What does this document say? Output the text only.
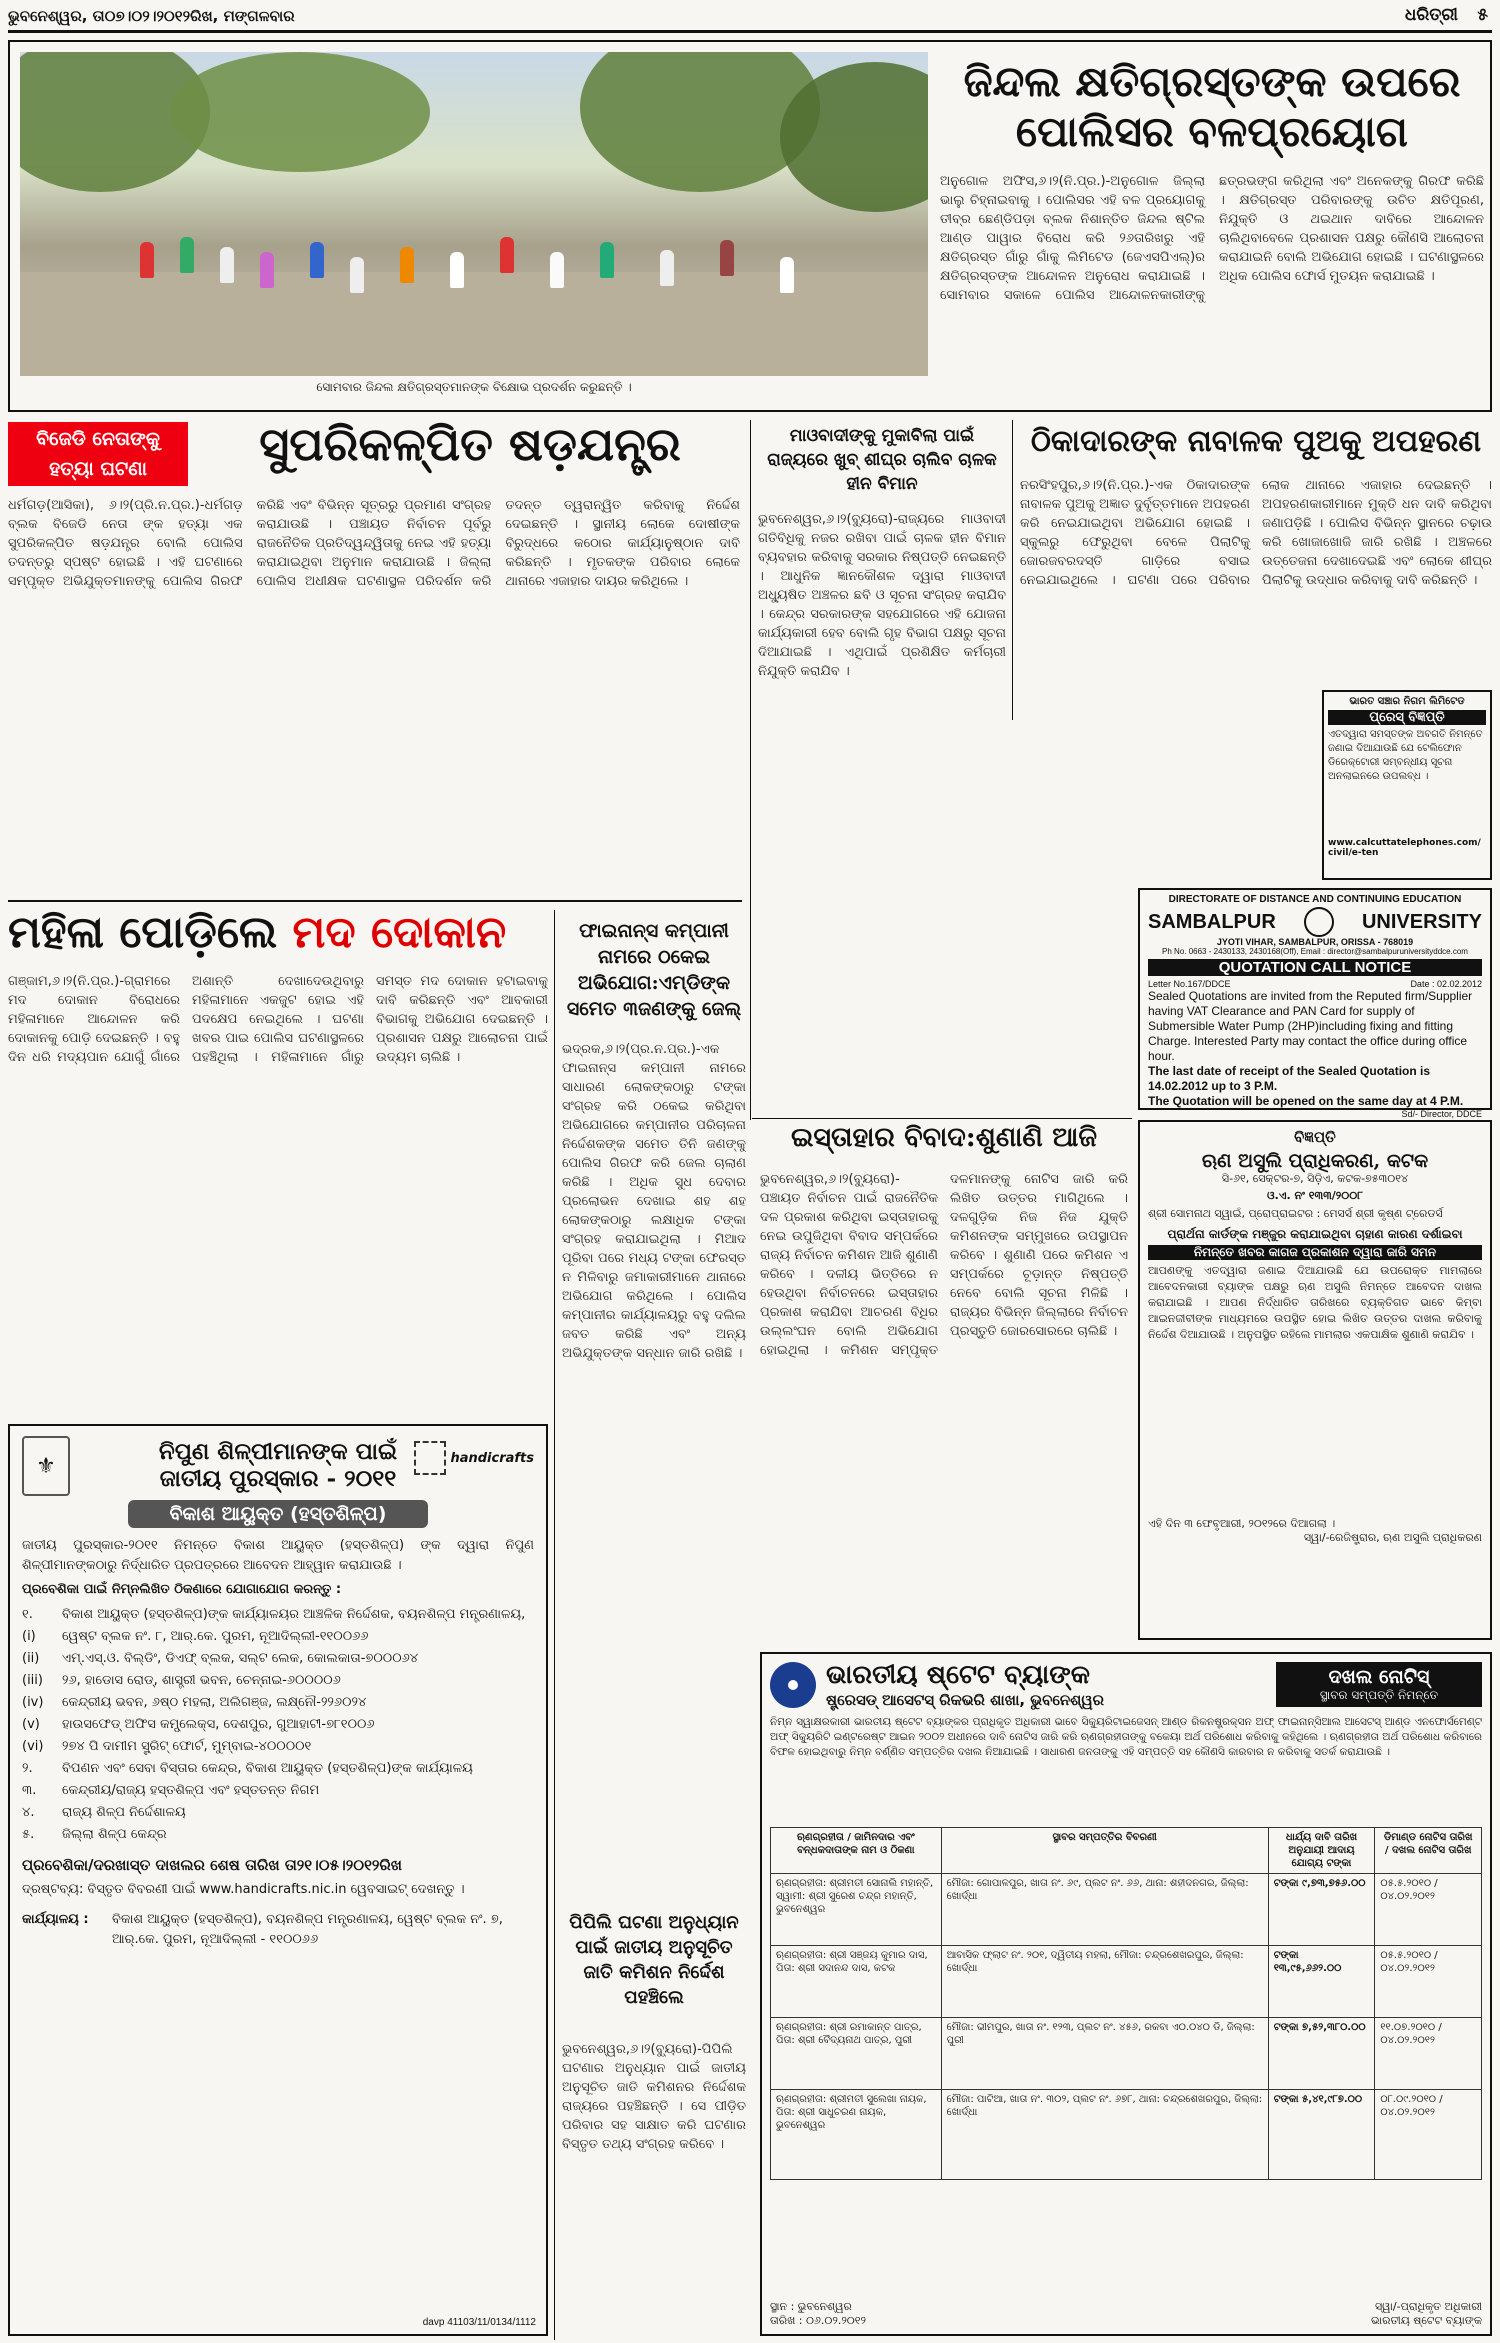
ଭୁବନେଶ୍ୱର, ତା୦୭।୦୨।୨୦୧୨ରିଖ, ମଙ୍ଗଳବାର	ଧରିତ୍ରୀ ୫
ସୋମବାର ଜିନ୍ଦଲ କ୍ଷତିଗ୍ରସ୍ତମାନଙ୍କ ବିକ୍ଷୋଭ ପ୍ରଦର୍ଶନ କରୁଛନ୍ତି ।
ଜିନ୍ଦଲ କ୍ଷତିଗ୍ରସ୍ତଙ୍କ ଉପରେ
ପୋଲିସର ବଳପ୍ରୟୋଗ
ଅନୁଗୋଳ ଅଫିସ,୬।୨(ନି.ପ୍ର.)-ଅନୁଗୋଳ ଜିଲ୍ଲା ଭାଲୁ ଚିହ୍ନାଇବାକୁ । ପୋଲିସର ଏହି ବଳ ପ୍ରୟୋଗକୁ ତୀବ୍ର ଛେଣ୍ଡିପଡ଼ା ବ୍ଲକ ନିଶାନ୍ତିତ ଜିନ୍ଦଲ ଷ୍ଟିଲ ଆଣ୍ଡ ପାୱାର ବିରୋଧ କରି ୨୬ତାରିଖରୁ ଏହି କ୍ଷତିଗ୍ରସ୍ତ ଗାଁରୁ ଗାଁକୁ ଲିମିଟେଡ (ଜେଏସପିଏଲ୍)ର କ୍ଷତିଗ୍ରସ୍ତଙ୍କ ଆନ୍ଦୋଳନ ଅନୁରୋଧ କରାଯାଇଛି । ସୋମବାର ସକାଳେ ପୋଲିସ ଆନ୍ଦୋଳନକାରୀଙ୍କୁ ଛତ୍ରଭଙ୍ଗ କରିଥିଲା ଏବଂ ଅନେକଙ୍କୁ ଗିରଫ କରିଛି । କ୍ଷତିଗ୍ରସ୍ତ ପରିବାରଙ୍କୁ ଉଚିତ କ୍ଷତିପୂରଣ, ନିଯୁକ୍ତି ଓ ଥଇଥାନ ଦାବିରେ ଆନ୍ଦୋଳନ ଚାଲିଥିବାବେଳେ ପ୍ରଶାସନ ପକ୍ଷରୁ କୌଣସି ଆଲୋଚନା କରାଯାଇନି ବୋଲି ଅଭିଯୋଗ ହୋଇଛି । ଘଟଣାସ୍ଥଳରେ ଅଧିକ ପୋଲିସ ଫୋର୍ସ ମୁତୟନ କରାଯାଇଛି ।
ବିଜେଡି ନେତାଙ୍କୁ
ହତ୍ୟା ଘଟଣା	ସୁପରିକଳ୍ପିତ ଷଡ଼ଯନ୍ତ୍ର
ଧର୍ମଗଡ଼(ଆସିକା), ୬।୨(ପ୍ରି.ନ.ପ୍ର.)-ଧର୍ମଗଡ଼ ବ୍ଲକ ବିଜେଡି ନେତା ଙ୍କ ହତ୍ୟା ଏକ ସୁପରିକଳ୍ପିତ ଷଡ଼ଯନ୍ତ୍ର ବୋଲି ପୋଲିସ ତଦନ୍ତରୁ ସ୍ପଷ୍ଟ ହୋଇଛି । ଏହି ଘଟଣାରେ ସମ୍ପୃକ୍ତ ଅଭିଯୁକ୍ତମାନଙ୍କୁ ପୋଲିସ ଗିରଫ କରିଛି ଏବଂ ବିଭିନ୍ନ ସୂତ୍ରରୁ ପ୍ରମାଣ ସଂଗ୍ରହ କରାଯାଉଛି । ପଞ୍ଚାୟତ ନିର୍ବାଚନ ପୂର୍ବରୁ ରାଜନୈତିକ ପ୍ରତିଦ୍ୱନ୍ଦ୍ୱିତାକୁ ନେଇ ଏହି ହତ୍ୟା କରାଯାଇଥିବା ଅନୁମାନ କରାଯାଉଛି । ଜିଲ୍ଲା ପୋଲିସ ଅଧୀକ୍ଷକ ଘଟଣାସ୍ଥଳ ପରିଦର୍ଶନ କରି ତଦନ୍ତ ତ୍ୱରାନ୍ୱିତ କରିବାକୁ ନିର୍ଦ୍ଦେଶ ଦେଇଛନ୍ତି । ସ୍ଥାନୀୟ ଲୋକେ ଦୋଷୀଙ୍କ ବିରୁଦ୍ଧରେ କଠୋର କାର୍ଯ୍ୟାନୁଷ୍ଠାନ ଦାବି କରିଛନ୍ତି । ମୃତକଙ୍କ ପରିବାର ଲୋକେ ଥାନାରେ ଏଜାହାର ଦାୟର କରିଥିଲେ ।
ମାଓବାଦୀଙ୍କୁ ମୁକାବିଲା ପାଇଁ ରାଜ୍ୟରେ ଖୁବ୍ ଶୀଘ୍ର ଚାଲିବ ଚାଳକ ହୀନ ବିମାନ
ଭୁବନେଶ୍ୱର,୬।୨(ବ୍ୟୁରୋ)-ରାଜ୍ୟରେ ମାଓବାଦୀ ଗତିବିଧିକୁ ନଜର ରଖିବା ପାଇଁ ଚାଳକ ହୀନ ବିମାନ ବ୍ୟବହାର କରିବାକୁ ସରକାର ନିଷ୍ପତ୍ତି ନେଇଛନ୍ତି । ଆଧୁନିକ ଜ୍ଞାନକୌଶଳ ଦ୍ୱାରା ମାଓବାଦୀ ଅଧ୍ୟୁଷିତ ଅଞ୍ଚଳର ଛବି ଓ ସୂଚନା ସଂଗ୍ରହ କରାଯିବ । କେନ୍ଦ୍ର ସରକାରଙ୍କ ସହଯୋଗରେ ଏହି ଯୋଜନା କାର୍ଯ୍ୟକାରୀ ହେବ ବୋଲି ଗୃହ ବିଭାଗ ପକ୍ଷରୁ ସୂଚନା ଦିଆଯାଇଛି । ଏଥିପାଇଁ ପ୍ରଶିକ୍ଷିତ କର୍ମଚାରୀ ନିଯୁକ୍ତି କରାଯିବ ।
ଠିକାଦାରଙ୍କ ନାବାଳକ ପୁଅକୁ ଅପହରଣ
ନରସିଂହପୁର,୬।୨(ନି.ପ୍ର.)-ଏକ ଠିକାଦାରଙ୍କ ନାବାଳକ ପୁଅକୁ ଅଜ୍ଞାତ ଦୁର୍ବୃତ୍ତମାନେ ଅପହରଣ କରି ନେଇଯାଇଥିବା ଅଭିଯୋଗ ହୋଇଛି । ସ୍କୁଲରୁ ଫେରୁଥିବା ବେଳେ ପିଲାଟିକୁ ଜୋରଜବରଦସ୍ତି ଗାଡ଼ିରେ ବସାଇ ନେଇଯାଇଥିଲେ । ଘଟଣା ପରେ ପରିବାର ଲୋକ ଥାନାରେ ଏଜାହାର ଦେଇଛନ୍ତି । ଅପହରଣକାରୀମାନେ ମୁକ୍ତି ଧନ ଦାବି କରିଥିବା ଜଣାପଡ଼ିଛି । ପୋଲିସ ବିଭିନ୍ନ ସ୍ଥାନରେ ଚଢ଼ାଉ କରି ଖୋଜାଖୋଜି ଜାରି ରଖିଛି । ଅଞ୍ଚଳରେ ଉତ୍ତେଜନା ଦେଖାଦେଇଛି ଏବଂ ଲୋକେ ଶୀଘ୍ର ପିଲାଟିକୁ ଉଦ୍ଧାର କରିବାକୁ ଦାବି କରିଛନ୍ତି ।
ଭାରତ ସଞ୍ଚାର ନିଗମ ଲିମିଟେଡ
ପ୍ରେସ୍ ବିଜ୍ଞପ୍ତି
ଏତଦ୍ୱାରା ସମସ୍ତଙ୍କ ଅବଗତି ନିମନ୍ତେ ଜଣାଇ ଦିଆଯାଉଛି ଯେ ଟେଲିଫୋନ ଡିରେକ୍ଟୋରୀ ସମ୍ବନ୍ଧୀୟ ସୂଚନା ଅନଲାଇନରେ ଉପଲବ୍ଧ ।
www.calcuttatelephones.com/civil/e-ten
DIRECTORATE OF DISTANCE AND CONTINUING EDUCATION
SAMBALPUR	UNIVERSITY
JYOTI VIHAR, SAMBALPUR, ORISSA - 768019
Ph No. 0663 - 2430133, 2430168(Off), Email : director@sambalpuruniversityddce.com
QUOTATION CALL NOTICE
Letter No.167/DDCE	Date : 02.02.2012
Sealed Quotations are invited from the Reputed firm/Supplier having VAT Clearance and PAN Card for supply of Submersible Water Pump (2HP)including fixing and fitting Charge. Interested Party may contact the office during office hour.
The last date of receipt of the Sealed Quotation is 14.02.2012 up to 3 P.M.
The Quotation will be opened on the same day at 4 P.M.
Sd/- Director, DDCE
ମହିଳା ପୋଡ଼ିଲେ ମଦ ଦୋକାନ
ଗଞ୍ଜାମ,୬।୨(ନି.ପ୍ର.)-ଗ୍ରାମରେ ମଦ ଦୋକାନ ବିରୋଧରେ ମହିଳାମାନେ ଆନ୍ଦୋଳନ କରି ଦୋକାନକୁ ପୋଡ଼ି ଦେଇଛନ୍ତି । ବହୁ ଦିନ ଧରି ମଦ୍ୟପାନ ଯୋଗୁଁ ଗାଁରେ ଅଶାନ୍ତି ଦେଖାଦେଉଥିବାରୁ ମହିଳାମାନେ ଏକଜୁଟ ହୋଇ ଏହି ପଦକ୍ଷେପ ନେଇଥିଲେ । ଘଟଣା ଖବର ପାଇ ପୋଲିସ ଘଟଣାସ୍ଥଳରେ ପହଞ୍ଚିଥିଲା । ମହିଳାମାନେ ଗାଁରୁ ସମସ୍ତ ମଦ ଦୋକାନ ହଟାଇବାକୁ ଦାବି କରିଛନ୍ତି ଏବଂ ଆବକାରୀ ବିଭାଗକୁ ଅଭିଯୋଗ ଦେଇଛନ୍ତି । ପ୍ରଶାସନ ପକ୍ଷରୁ ଆଲୋଚନା ପାଇଁ ଉଦ୍ୟମ ଚାଲିଛି ।
ଫାଇନାନ୍ସ କମ୍ପାନୀ ନାମରେ ଠକେଇ ଅଭିଯୋଗ:ଏମ୍‌ଡିଙ୍କ ସମେତ ୩ଜଣଙ୍କୁ ଜେଲ୍
ଭଦ୍ରକ,୬।୨(ପ୍ର.ନ.ପ୍ର.)-ଏକ ଫାଇନାନ୍ସ କମ୍ପାନୀ ନାମରେ ସାଧାରଣ ଲୋକଙ୍କଠାରୁ ଟଙ୍କା ସଂଗ୍ରହ କରି ଠକେଇ କରିଥିବା ଅଭିଯୋଗରେ କମ୍ପାନୀର ପରିଚାଳନା ନିର୍ଦ୍ଦେଶକଙ୍କ ସମେତ ତିନି ଜଣଙ୍କୁ ପୋଲିସ ଗିରଫ କରି ଜେଲ ଚାଲାଣ କରିଛି । ଅଧିକ ସୁଧ ଦେବାର ପ୍ରଲୋଭନ ଦେଖାଇ ଶହ ଶହ ଲୋକଙ୍କଠାରୁ ଲକ୍ଷାଧିକ ଟଙ୍କା ସଂଗ୍ରହ କରାଯାଇଥିଲା । ମିଆଦ ପୂରିବା ପରେ ମଧ୍ୟ ଟଙ୍କା ଫେରସ୍ତ ନ ମିଳିବାରୁ ଜମାକାରୀମାନେ ଥାନାରେ ଅଭିଯୋଗ କରିଥିଲେ । ପୋଲିସ କମ୍ପାନୀର କାର୍ଯ୍ୟାଳୟରୁ ବହୁ ଦଲିଲ ଜବତ କରିଛି ଏବଂ ଅନ୍ୟ ଅଭିଯୁକ୍ତଙ୍କ ସନ୍ଧାନ ଜାରି ରଖିଛି ।
ପିପିଲି ଘଟଣା ଅନୁଧ୍ୟାନ ପାଇଁ ଜାତୀୟ ଅନୁସୂଚିତ ଜାତି କମିଶନ ନିର୍ଦ୍ଦେଶ ପହଞ୍ଚିଲେ
ଭୁବନେଶ୍ୱର,୬।୨(ବ୍ୟୁରୋ)-ପିପିଲି ଘଟଣାର ଅନୁଧ୍ୟାନ ପାଇଁ ଜାତୀୟ ଅନୁସୂଚିତ ଜାତି କମିଶନର ନିର୍ଦ୍ଦେଶକ ରାଜ୍ୟରେ ପହଞ୍ଚିଛନ୍ତି । ସେ ପୀଡ଼ିତ ପରିବାର ସହ ସାକ୍ଷାତ କରି ଘଟଣାର ବିସ୍ତୃତ ତଥ୍ୟ ସଂଗ୍ରହ କରିବେ ।
ଇସ୍ତାହାର ବିବାଦ:ଶୁଣାଣି ଆଜି
ଭୁବନେଶ୍ୱର,୬।୨(ବ୍ୟୁରୋ)-ପଞ୍ଚାୟତ ନିର୍ବାଚନ ପାଇଁ ରାଜନୈତିକ ଦଳ ପ୍ରକାଶ କରିଥିବା ଇସ୍ତାହାରକୁ ନେଇ ଉପୁଜିଥିବା ବିବାଦ ସମ୍ପର୍କରେ ରାଜ୍ୟ ନିର୍ବାଚନ କମିଶନ ଆଜି ଶୁଣାଣି କରିବେ । ଦଳୀୟ ଭିତ୍ତିରେ ନ ହେଉଥିବା ନିର୍ବାଚନରେ ଇସ୍ତାହାର ପ୍ରକାଶ କରାଯିବା ଆଚରଣ ବିଧିର ଉଲ୍ଲଂଘନ ବୋଲି ଅଭିଯୋଗ ହୋଇଥିଲା । କମିଶନ ସମ୍ପୃକ୍ତ ଦଳମାନଙ୍କୁ ନୋଟିସ ଜାରି କରି ଲିଖିତ ଉତ୍ତର ମାଗିଥିଲେ । ଦଳଗୁଡ଼ିକ ନିଜ ନିଜ ଯୁକ୍ତି କମିଶନଙ୍କ ସମ୍ମୁଖରେ ଉପସ୍ଥାପନ କରିବେ । ଶୁଣାଣି ପରେ କମିଶନ ଏ ସମ୍ପର୍କରେ ଚୂଡ଼ାନ୍ତ ନିଷ୍ପତ୍ତି ନେବେ ବୋଲି ସୂଚନା ମିଳିଛି । ରାଜ୍ୟର ବିଭିନ୍ନ ଜିଲ୍ଲାରେ ନିର୍ବାଚନ ପ୍ରସ୍ତୁତି ଜୋରସୋରରେ ଚାଲିଛି ।
ବିଜ୍ଞପ୍ତି
ଋଣ ଅସୁଲି ପ୍ରାଧିକରଣ, କଟକ
ସି-୬୧, ସେକ୍ଟର-୭, ସିଡ଼ିଏ, କଟକ-୭୫୩୦୧୪
ଓ.ଏ. ନଂ ୧୩୩/୨୦୦୮
ଶ୍ରୀ ସୋମନାଥ ସ୍ୱାଇଁ, ପ୍ରୋପ୍ରାଇଟର : ମେସର୍ସ ଶ୍ରୀ କୃଷ୍ଣ ଟ୍ରେଡର୍ସ
ପ୍ରାର୍ଥନା କାର୍ଡଙ୍କ ମଞ୍ଜୁର କରାଯାଇଥିବା ଚାହାଣ କାରଣ ଦର୍ଶାଇବା
ନିମନ୍ତେ ଖବର କାଗଜ ପ୍ରକାଶନ ଦ୍ୱାରା ଜାରି ସମନ
ଆପଣଙ୍କୁ ଏତଦ୍ୱାରା ଜଣାଇ ଦିଆଯାଉଛି ଯେ ଉପରୋକ୍ତ ମାମଲାରେ ଆବେଦନକାରୀ ବ୍ୟାଙ୍କ ପକ୍ଷରୁ ଋଣ ଅସୁଲି ନିମନ୍ତେ ଆବେଦନ ଦାଖଲ କରାଯାଇଛି । ଆପଣ ନିର୍ଦ୍ଧାରିତ ତାରିଖରେ ବ୍ୟକ୍ତିଗତ ଭାବେ କିମ୍ବା ଆଇନଜୀବୀଙ୍କ ମାଧ୍ୟମରେ ଉପସ୍ଥିତ ହୋଇ ଲିଖିତ ଉତ୍ତର ଦାଖଲ କରିବାକୁ ନିର୍ଦ୍ଦେଶ ଦିଆଯାଉଛି । ଅନୁପସ୍ଥିତ ରହିଲେ ମାମଲାର ଏକପାକ୍ଷିକ ଶୁଣାଣି କରାଯିବ ।
ଏହି ଦିନ ୩ ଫେବୃଆରୀ, ୨୦୧୨ରେ ଦିଆଗଲା ।
ସ୍ୱା/-ରେଜିଷ୍ଟ୍ରାର, ଋଣ ଅସୁଲି ପ୍ରାଧିକରଣ
⚜	handicrafts
ନିପୁଣ ଶିଳ୍ପୀମାନଙ୍କ ପାଇଁ
ଜାତୀୟ ପୁରସ୍କାର - ୨୦୧୧
ବିକାଶ ଆୟୁକ୍ତ (ହସ୍ତଶିଳ୍ପ)
ଜାତୀୟ ପୁରସ୍କାର-୨୦୧୧ ନିମନ୍ତେ ବିକାଶ ଆୟୁକ୍ତ (ହସ୍ତଶିଳ୍ପ) ଙ୍କ ଦ୍ୱାରା ନିପୁଣ ଶିଳ୍ପୀମାନଙ୍କଠାରୁ ନିର୍ଦ୍ଧାରିତ ପ୍ରପତ୍ରରେ ଆବେଦନ ଆହ୍ୱାନ କରାଯାଉଛି ।
ପ୍ରବେଶିକା ପାଇଁ ନିମ୍ନଲିଖିତ ଠିକଣାରେ ଯୋଗାଯୋଗ କରନ୍ତୁ :
୧.	ବିକାଶ ଆୟୁକ୍ତ (ହସ୍ତଶିଳ୍ପ)ଙ୍କ କାର୍ଯ୍ୟାଳୟର ଆଞ୍ଚଳିକ ନିର୍ଦ୍ଦେଶକ, ବୟନଶିଳ୍ପ ମନ୍ତ୍ରଣାଳୟ,
(i)	ୱେଷ୍ଟ ବ୍ଲକ ନଂ. ୮, ଆର୍.କେ. ପୁରମ, ନୂଆଦିଲ୍ଲୀ-୧୧୦୦୬୬
(ii)	ଏମ୍.ଏସ୍.ଓ. ବିଲ୍ଡିଂ, ଡିଏଫ୍ ବ୍ଲକ, ସଲ୍ଟ ଲେକ, କୋଲକାତା-୭୦୦୦୬୪
(iii)	୨୬, ହାଡୋସ ରୋଡ୍, ଶାସ୍ତ୍ରୀ ଭବନ, ଚେନ୍ନାଇ-୬୦୦୦୦୬
(iv)	କେନ୍ଦ୍ରୀୟ ଭବନ, ୬ଷ୍ଠ ମହଲା, ଅଲିଗଞ୍ଜ, ଲକ୍ଷ୍ନୌ-୨୨୬୦୨୪
(v)	ହାଉସଫେଡ୍ ଅଫିସ କମ୍ପ୍ଲେକ୍ସ, ଦେଶପୁର, ଗୁଆହାଟୀ-୭୮୧୦୦୬
(vi)	୨୭୪ ପି ଦାମୀମ ସ୍ଟ୍ରିଟ୍ ଫୋର୍ଟ, ମୁମ୍ବାଇ-୪୦୦୦୦୧
୨.	ବିପଣନ ଏବଂ ସେବା ବିସ୍ତାର କେନ୍ଦ୍ର, ବିକାଶ ଆୟୁକ୍ତ (ହସ୍ତଶିଳ୍ପ)ଙ୍କ କାର୍ଯ୍ୟାଳୟ
୩.	କେନ୍ଦ୍ରୀୟ/ରାଜ୍ୟ ହସ୍ତଶିଳ୍ପ ଏବଂ ହସ୍ତତନ୍ତ ନିଗମ
୪.	ରାଜ୍ୟ ଶିଳ୍ପ ନିର୍ଦ୍ଦେଶାଳୟ
୫.	ଜିଲ୍ଲା ଶିଳ୍ପ କେନ୍ଦ୍ର
ପ୍ରବେଶିକା/ଦରଖାସ୍ତ ଦାଖଲର ଶେଷ ତାରିଖ ତା୨୧।୦୫।୨୦୧୨ରିଖ
ଦ୍ରଷ୍ଟବ୍ୟ: ବିସ୍ତୃତ ବିବରଣୀ ପାଇଁ www.handicrafts.nic.in ୱେବସାଇଟ୍ ଦେଖନ୍ତୁ ।
କାର୍ଯ୍ୟାଳୟ :	ବିକାଶ ଆୟୁକ୍ତ (ହସ୍ତଶିଳ୍ପ), ବୟନଶିଳ୍ପ ମନ୍ତ୍ରଣାଳୟ, ୱେଷ୍ଟ ବ୍ଲକ ନଂ. ୭, ଆର୍.କେ. ପୁରମ, ନୂଆଦିଲ୍ଲୀ - ୧୧୦୦୬୬
davp 41103/11/0134/1112
ଭାରତୀୟ ଷ୍ଟେଟ ବ୍ୟାଙ୍କ
ଷ୍ଟ୍ରେସଡ୍ ଆସେଟସ୍ ରିକଭରି ଶାଖା, ଭୁବନେଶ୍ୱର
ଦଖଲ ନୋଟିସ୍
ସ୍ଥାବର ସମ୍ପତ୍ତି ନିମନ୍ତେ
ନିମ୍ନ ସ୍ୱାକ୍ଷରକାରୀ ଭାରତୀୟ ଷ୍ଟେଟ ବ୍ୟାଙ୍କର ପ୍ରାଧିକୃତ ଅଧିକାରୀ ଭାବେ ସିକ୍ୟୁରିଟାଇଜେସନ୍ ଆଣ୍ଡ ରିକନଷ୍ଟ୍ରକ୍ସନ ଅଫ୍ ଫାଇନାନ୍ସିଆଲ ଆସେଟସ୍ ଆଣ୍ଡ ଏନଫୋର୍ସମେଣ୍ଟ ଅଫ୍ ସିକ୍ୟୁରିଟି ଇଣ୍ଟରେଷ୍ଟ ଆଇନ ୨୦୦୨ ଅଧୀନରେ ଦାବି ନୋଟିସ ଜାରି କରି ଋଣଗ୍ରହୀତାଙ୍କୁ ବକେୟା ଅର୍ଥ ପରିଶୋଧ କରିବାକୁ କହିଥିଲେ । ଋଣଗ୍ରହୀତା ଅର୍ଥ ପରିଶୋଧ କରିବାରେ ବିଫଳ ହୋଇଥିବାରୁ ନିମ୍ନ ବର୍ଣ୍ଣିତ ସମ୍ପତ୍ତିର ଦଖଲ ନିଆଯାଇଛି । ସାଧାରଣ ଜନତାଙ୍କୁ ଏହି ସମ୍ପତ୍ତି ସହ କୌଣସି କାରବାର ନ କରିବାକୁ ସତର୍କ କରାଯାଉଛି ।
ଋଣଗ୍ରହୀତା / ଜାମିନଦାର ଏବଂ ବନ୍ଧକଦାତାଙ୍କ ନାମ ଓ ଠିକଣା	ସ୍ଥାବର ସମ୍ପତ୍ତିର ବିବରଣୀ	ଧାର୍ଯ୍ୟ ଦାବି ତାରିଖ ଅନୁଯାୟୀ ଆଦାୟ ଯୋଗ୍ୟ ଟଙ୍କା	ଡିମାଣ୍ଡ ନୋଟିସ ତାରିଖ / ଦଖଲ ନୋଟିସ ତାରିଖ
ଋଣଗ୍ରହୀତା: ଶ୍ରୀମତୀ ସୋନାଲି ମହାନ୍ତି, ସ୍ୱାମୀ: ଶ୍ରୀ ସୁରେଶ ଚନ୍ଦ୍ର ମହାନ୍ତି, ଭୁବନେଶ୍ୱର	ମୌଜା: ଗୋପାଳପୁର, ଖାତା ନଂ. ୬୯, ପ୍ଲଟ ନଂ. ୬୬, ଥାନା: ଶହୀଦନଗର, ଜିଲ୍ଲା: ଖୋର୍ଦ୍ଧା	ଟଙ୍କା ୯,୭୩,୭୫୬.୦୦	୦୫.୫.୨୦୧୦ / ୦୪.୦୨.୨୦୧୨
ଋଣଗ୍ରହୀତା: ଶ୍ରୀ ସଞ୍ଜୟ କୁମାର ଦାସ, ପିତା: ଶ୍ରୀ ସଦାନନ୍ଦ ଦାସ, କଟକ	ଆବାସିକ ଫ୍ଲାଟ ନଂ. ୨୦୧, ଦ୍ୱିତୀୟ ମହଲା, ମୌଜା: ଚନ୍ଦ୍ରଶେଖରପୁର, ଜିଲ୍ଲା: ଖୋର୍ଦ୍ଧା	ଟଙ୍କା ୧୩,୯୫,୬୬୨.୦୦	୦୫.୫.୨୦୧୦ / ୦୪.୦୨.୨୦୧୨
ଋଣଗ୍ରହୀତା: ଶ୍ରୀ ରମାକାନ୍ତ ପାତ୍ର, ପିତା: ଶ୍ରୀ ବୈଦ୍ୟନାଥ ପାତ୍ର, ପୁରୀ	ମୌଜା: ଭୀମପୁର, ଖାତା ନଂ. ୧୨୩, ପ୍ଲଟ ନଂ. ୪୫୬, ରକବା ଏ୦.୦୪୦ ଡି, ଜିଲ୍ଲା: ପୁରୀ	ଟଙ୍କା ୭,୫୨,୩୮୦.୦୦	୧୧.୦୭.୨୦୧୦ / ୦୪.୦୨.୨୦୧୨
ଋଣଗ୍ରହୀତା: ଶ୍ରୀମତୀ ସୁଲେଖା ନାୟକ, ପିତା: ଶ୍ରୀ ସାଧୁଚରଣ ନାୟକ, ଭୁବନେଶ୍ୱର	ମୌଜା: ପାଟିଆ, ଖାତା ନଂ. ୩୦୨, ପ୍ଲଟ ନଂ. ୬୭୮, ଥାନା: ଚନ୍ଦ୍ରଶେଖରପୁର, ଜିଲ୍ଲା: ଖୋର୍ଦ୍ଧା	ଟଙ୍କା ୫,୪୧,୯୮୭.୦୦	୦୮.୦୯.୨୦୧୦ / ୦୪.୦୨.୨୦୧୨
ସ୍ଥାନ : ଭୁବନେଶ୍ୱର
ତାରିଖ : ୦୬.୦୨.୨୦୧୨
ସ୍ୱା/-ପ୍ରାଧିକୃତ ଅଧିକାରୀ
ଭାରତୀୟ ଷ୍ଟେଟ ବ୍ୟାଙ୍କ
